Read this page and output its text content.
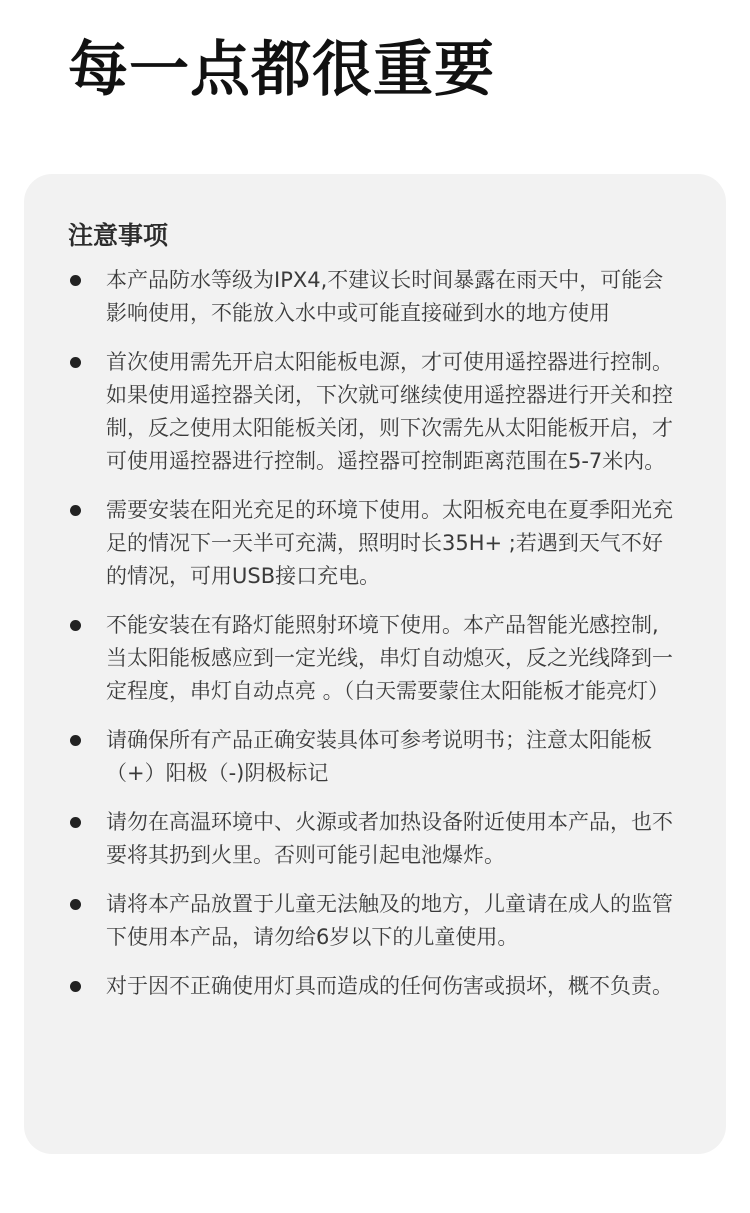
每一点都很重要
注意事项
本产品防水等级为IPX4,不建议长时间暴露在雨天中，可能会影响使用，不能放入水中或可能直接碰到水的地方使用
首次使用需先开启太阳能板电源，才可使用遥控器进行控制。如果使用遥控器关闭，下次就可继续使用遥控器进行开关和控制，反之使用太阳能板关闭，则下次需先从太阳能板开启，才可使用遥控器进行控制。遥控器可控制距离范围在5-7米内。
需要安装在阳光充足的环境下使用。太阳板充电在夏季阳光充足的情况下一天半可充满，照明时长35H+ ;若遇到天气不好的情况，可用USB接口充电。
不能安装在有路灯能照射环境下使用。本产品智能光感控制, 当太阳能板感应到一定光线，串灯自动熄灭，反之光线降到一定程度，串灯自动点亮 。（白天需要蒙住太阳能板才能亮灯）
请确保所有产品正确安装具体可参考说明书；注意太阳能板（+）阳极（-)阴极标记
请勿在高温环境中、火源或者加热设备附近使用本产品，也不要将其扔到火里。否则可能引起电池爆炸。
请将本产品放置于儿童无法触及的地方，儿童请在成人的监管下使用本产品，请勿给6岁以下的儿童使用。
对于因不正确使用灯具而造成的任何伤害或损坏，概不负责。
